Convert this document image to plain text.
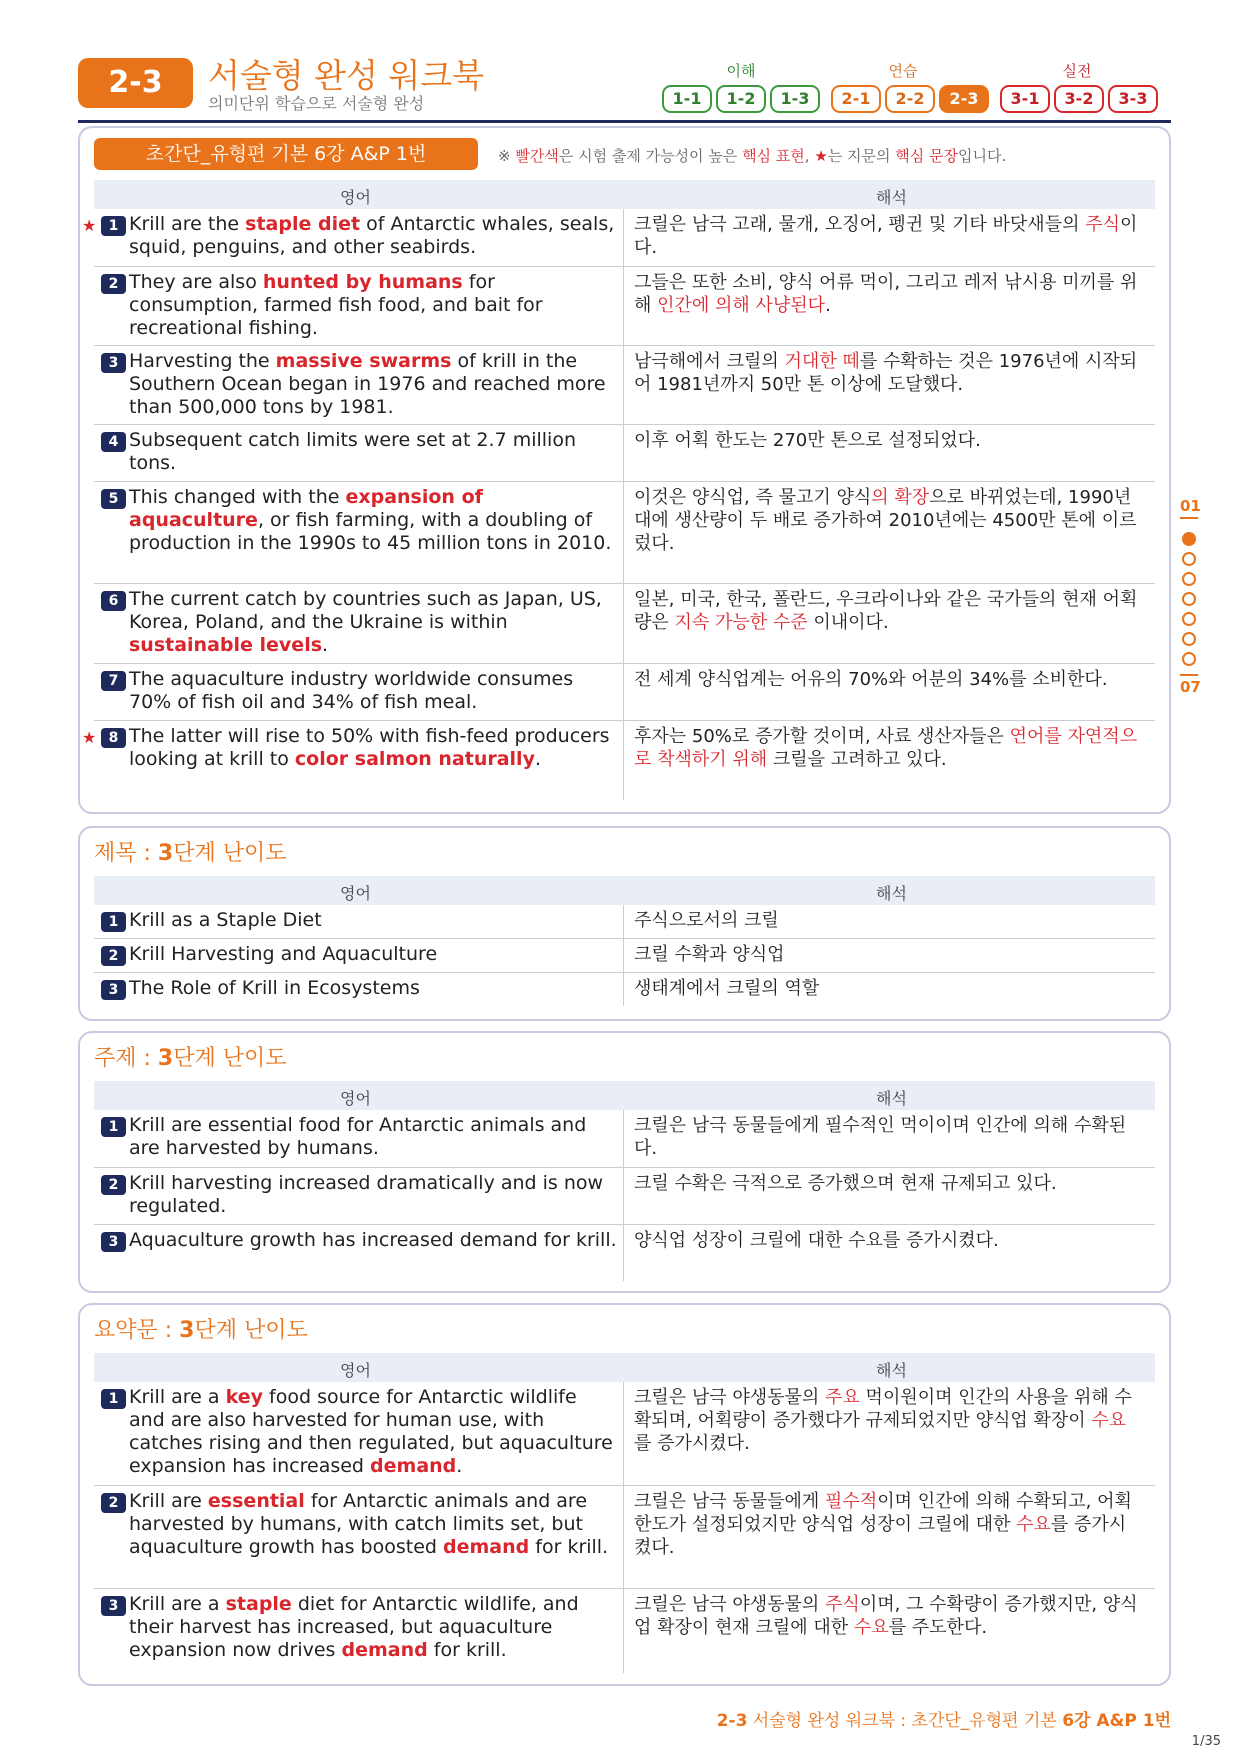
2-3	서술형 완성 워크북
의미단위 학습으로 서술형 완성
이해	연습	실전
1-1	1-2	1-3	2-1	2-2	2-3	3-1	3-2	3-3
초간단_유형편 기본 6강 A&P 1번	※ 빨간색은 시험 출제 가능성이 높은 핵심 표현, ★는 지문의 핵심 문장입니다.
영어	해석
★ 1 Krill are the staple diet of Antarctic whales, seals, squid, penguins, and other seabirds.
크릴은 남극 고래, 물개, 오징어, 펭귄 및 기타 바닷새들의 주식이다.
2 They are also hunted by humans for consumption, farmed fish food, and bait for recreational fishing.
그들은 또한 소비, 양식 어류 먹이, 그리고 레저 낚시용 미끼를 위해 인간에 의해 사냥된다.
3 Harvesting the massive swarms of krill in the Southern Ocean began in 1976 and reached more than 500,000 tons by 1981.
남극해에서 크릴의 거대한 떼를 수확하는 것은 1976년에 시작되어 1981년까지 50만 톤 이상에 도달했다.
4 Subsequent catch limits were set at 2.7 million tons.
이후 어획 한도는 270만 톤으로 설정되었다.
5 This changed with the expansion of aquaculture, or fish farming, with a doubling of production in the 1990s to 45 million tons in 2010.
이것은 양식업, 즉 물고기 양식의 확장으로 바뀌었는데, 1990년대에 생산량이 두 배로 증가하여 2010년에는 4500만 톤에 이르렀다.
6 The current catch by countries such as Japan, US, Korea, Poland, and the Ukraine is within sustainable levels.
일본, 미국, 한국, 폴란드, 우크라이나와 같은 국가들의 현재 어획량은 지속 가능한 수준 이내이다.
7 The aquaculture industry worldwide consumes 70% of fish oil and 34% of fish meal.
전 세계 양식업계는 어유의 70%와 어분의 34%를 소비한다.
★ 8 The latter will rise to 50% with fish-feed producers looking at krill to color salmon naturally.
후자는 50%로 증가할 것이며, 사료 생산자들은 연어를 자연적으로 착색하기 위해 크릴을 고려하고 있다.
제목 : 3단계 난이도
영어	해석
1 Krill as a Staple Diet	주식으로서의 크릴
2 Krill Harvesting and Aquaculture	크릴 수확과 양식업
3 The Role of Krill in Ecosystems	생태계에서 크릴의 역할
주제 : 3단계 난이도
영어	해석
1 Krill are essential food for Antarctic animals and are harvested by humans.
크릴은 남극 동물들에게 필수적인 먹이이며 인간에 의해 수확된다.
2 Krill harvesting increased dramatically and is now regulated.
크릴 수확은 극적으로 증가했으며 현재 규제되고 있다.
3 Aquaculture growth has increased demand for krill. 양식업 성장이 크릴에 대한 수요를 증가시켰다.
요약문 : 3단계 난이도
영어	해석
1 Krill are a key food source for Antarctic wildlife and are also harvested for human use, with catches rising and then regulated, but aquaculture expansion has increased demand.
크릴은 남극 야생동물의 주요 먹이원이며 인간의 사용을 위해 수확되며, 어획량이 증가했다가 규제되었지만 양식업 확장이 수요를 증가시켰다.
2 Krill are essential for Antarctic animals and are harvested by humans, with catch limits set, but aquaculture growth has boosted demand for krill.
크릴은 남극 동물들에게 필수적이며 인간에 의해 수확되고, 어획 한도가 설정되었지만 양식업 성장이 크릴에 대한 수요를 증가시켰다.
3 Krill are a staple diet for Antarctic wildlife, and their harvest has increased, but aquaculture expansion now drives demand for krill.
크릴은 남극 야생동물의 주식이며, 그 수확량이 증가했지만, 양식업 확장이 현재 크릴에 대한 수요를 주도한다.
01
07
2-3 서술형 완성 워크북 : 초간단_유형편 기본 6강 A&P 1번
1/35
